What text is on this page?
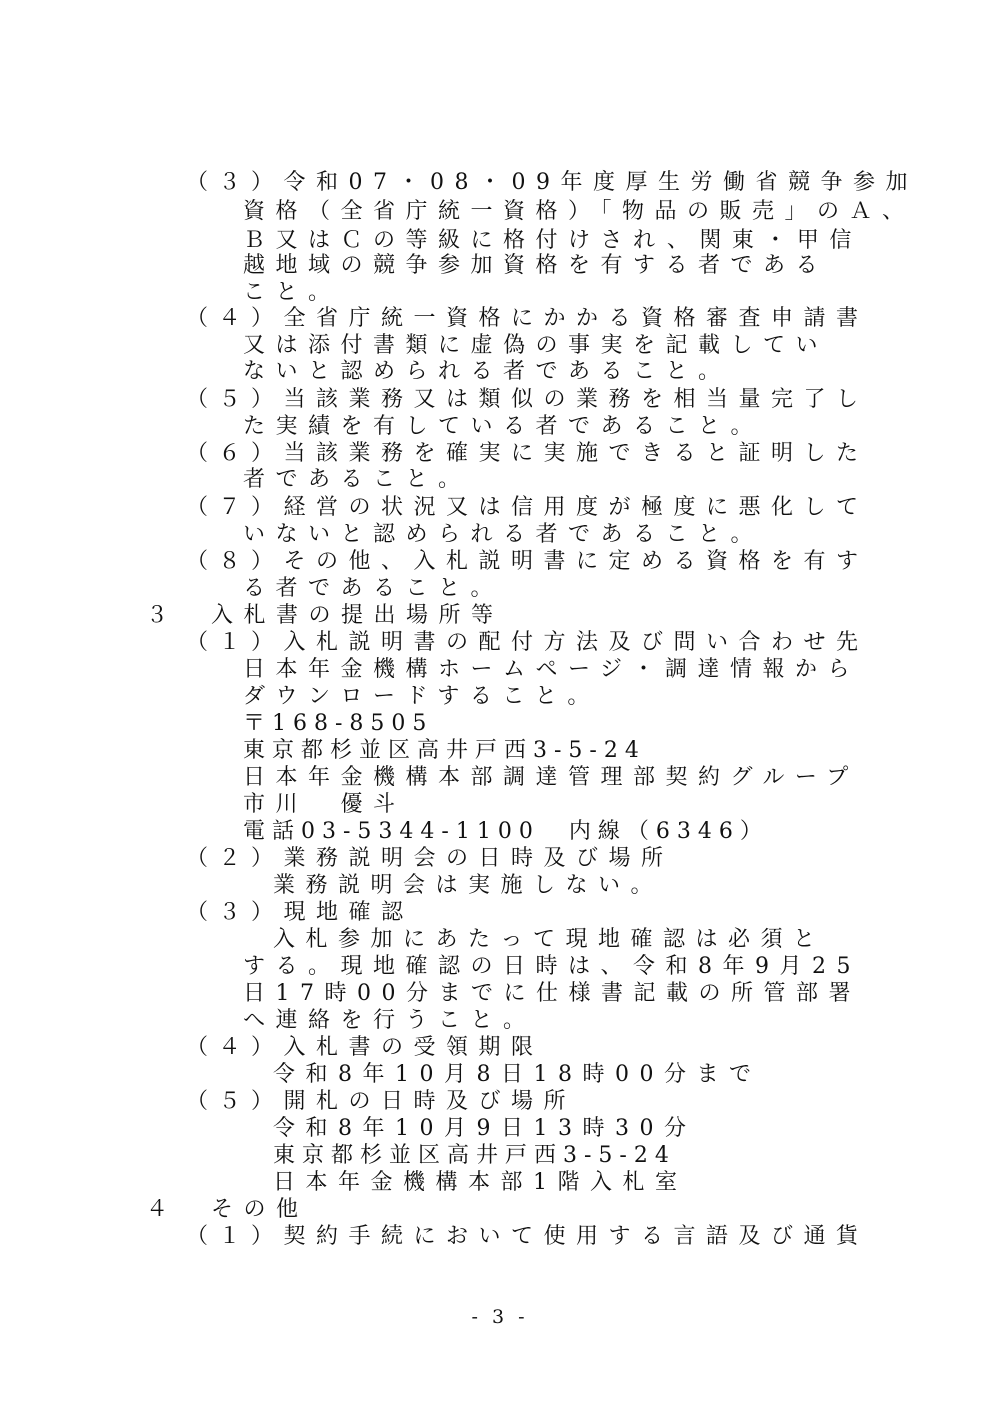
（３）令和07・08・09年度厚生労働省競争参加
資格（全省庁統一資格）「物品の販売」のＡ、
Ｂ又はＣの等級に格付けされ、関東・甲信
越地域の競争参加資格を有する者である
こと。
（４）全省庁統一資格にかかる資格審査申請書
又は添付書類に虚偽の事実を記載してい
ないと認められる者であること。
（５）当該業務又は類似の業務を相当量完了し
た実績を有している者であること。
（６）当該業務を確実に実施できると証明した
者であること。
（７）経営の状況又は信用度が極度に悪化して
いないと認められる者であること。
（８）その他、入札説明書に定める資格を有す
る者であること。
３　入札書の提出場所等
（１）入札説明書の配付方法及び問い合わせ先
日本年金機構ホームページ・調達情報から
ダウンロードすること。
〒168-8505
東京都杉並区高井戸西3-5-24
日本年金機構本部調達管理部契約グループ
市川　優斗
電話03-5344-1100　内線（6346）
（２）業務説明会の日時及び場所
業務説明会は実施しない。
（３）現地確認
入札参加にあたって現地確認は必須と
する。現地確認の日時は、令和8年9月25
日17時00分までに仕様書記載の所管部署
へ連絡を行うこと。
（４）入札書の受領期限
令和8年10月8日18時00分まで
（５）開札の日時及び場所
令和8年10月9日13時30分
東京都杉並区高井戸西3-5-24
日本年金機構本部1階入札室
４　その他
（１）契約手続において使用する言語及び通貨
- 3 -
